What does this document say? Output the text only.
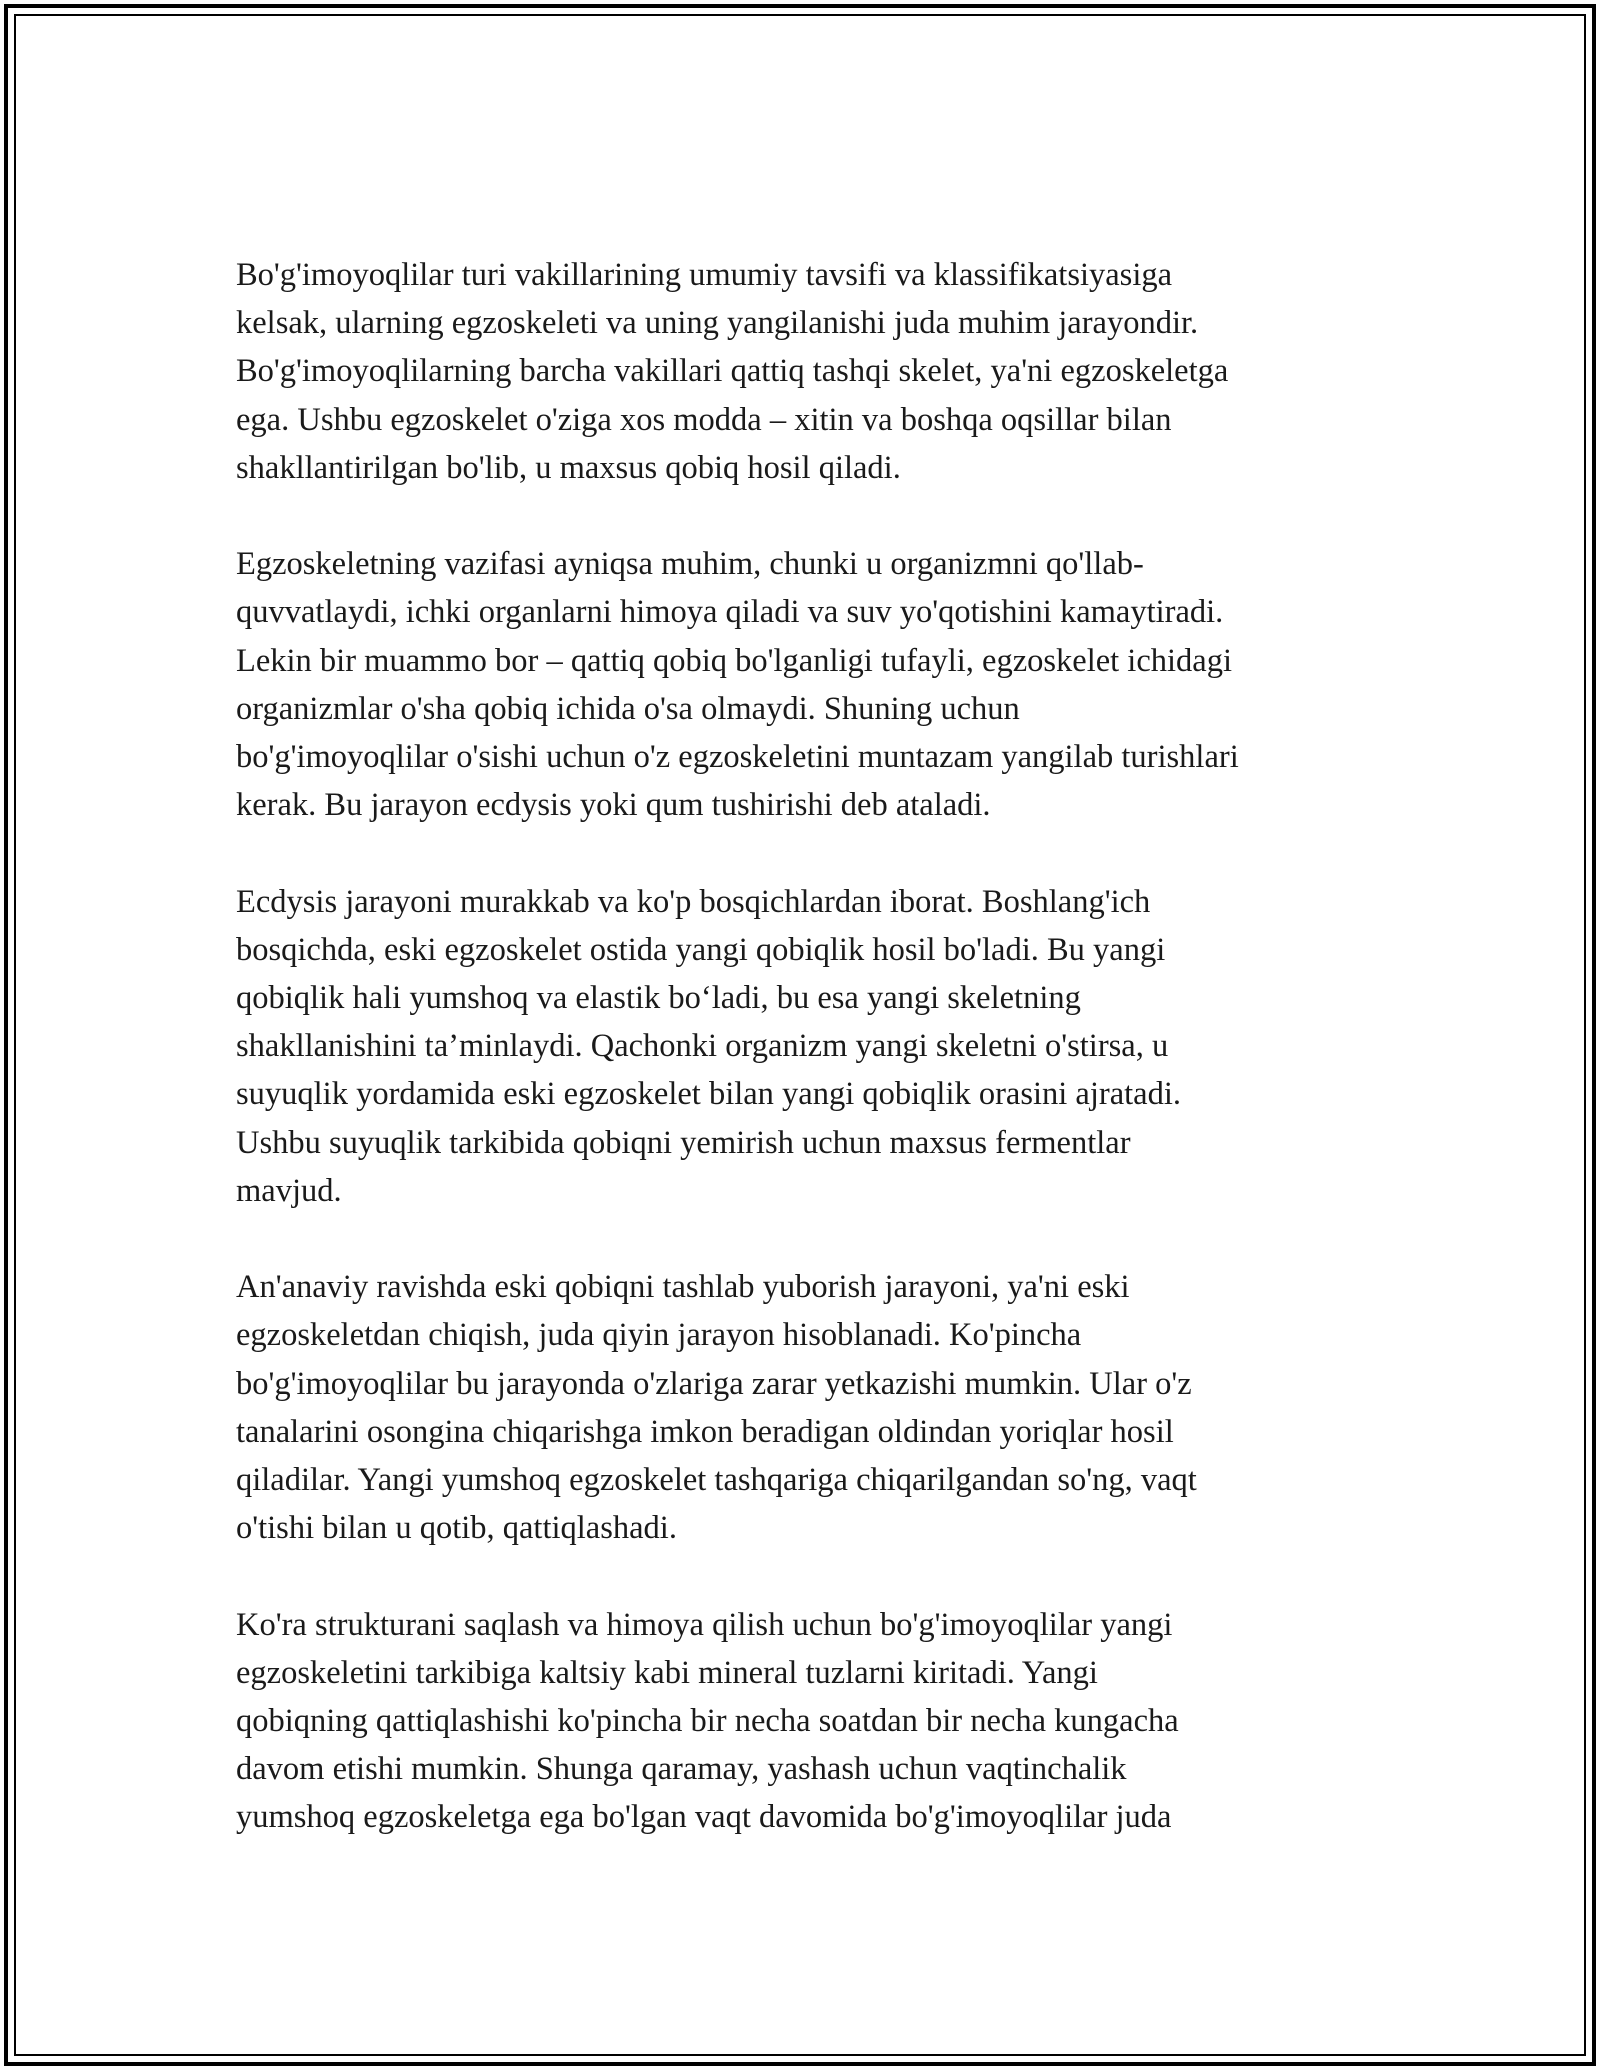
Bo'g'imoyoqlilar turi vakillarining umumiy tavsifi va klassifikatsiyasiga
kelsak, ularning egzoskeleti va uning yangilanishi juda muhim jarayondir.
Bo'g'imoyoqlilarning barcha vakillari qattiq tashqi skelet, ya'ni egzoskeletga
ega. Ushbu egzoskelet o'ziga xos modda – xitin va boshqa oqsillar bilan
shakllantirilgan bo'lib, u maxsus qobiq hosil qiladi.

Egzoskeletning vazifasi ayniqsa muhim, chunki u organizmni qo'llab-
quvvatlaydi, ichki organlarni himoya qiladi va suv yo'qotishini kamaytiradi.
Lekin bir muammo bor – qattiq qobiq bo'lganligi tufayli, egzoskelet ichidagi
organizmlar o'sha qobiq ichida o'sa olmaydi. Shuning uchun
bo'g'imoyoqlilar o'sishi uchun o'z egzoskeletini muntazam yangilab turishlari
kerak. Bu jarayon ecdysis yoki qum tushirishi deb ataladi.

Ecdysis jarayoni murakkab va ko'p bosqichlardan iborat. Boshlang'ich
bosqichda, eski egzoskelet ostida yangi qobiqlik hosil bo'ladi. Bu yangi
qobiqlik hali yumshoq va elastik bo‘ladi, bu esa yangi skeletning
shakllanishini ta’minlaydi. Qachonki organizm yangi skeletni o'stirsa, u
suyuqlik yordamida eski egzoskelet bilan yangi qobiqlik orasini ajratadi.
Ushbu suyuqlik tarkibida qobiqni yemirish uchun maxsus fermentlar
mavjud.

An'anaviy ravishda eski qobiqni tashlab yuborish jarayoni, ya'ni eski
egzoskeletdan chiqish, juda qiyin jarayon hisoblanadi. Ko'pincha
bo'g'imoyoqlilar bu jarayonda o'zlariga zarar yetkazishi mumkin. Ular o'z
tanalarini osongina chiqarishga imkon beradigan oldindan yoriqlar hosil
qiladilar. Yangi yumshoq egzoskelet tashqariga chiqarilgandan so'ng, vaqt
o'tishi bilan u qotib, qattiqlashadi.

Ko'ra strukturani saqlash va himoya qilish uchun bo'g'imoyoqlilar yangi
egzoskeletini tarkibiga kaltsiy kabi mineral tuzlarni kiritadi. Yangi
qobiqning qattiqlashishi ko'pincha bir necha soatdan bir necha kungacha
davom etishi mumkin. Shunga qaramay, yashash uchun vaqtinchalik
yumshoq egzoskeletga ega bo'lgan vaqt davomida bo'g'imoyoqlilar juda
